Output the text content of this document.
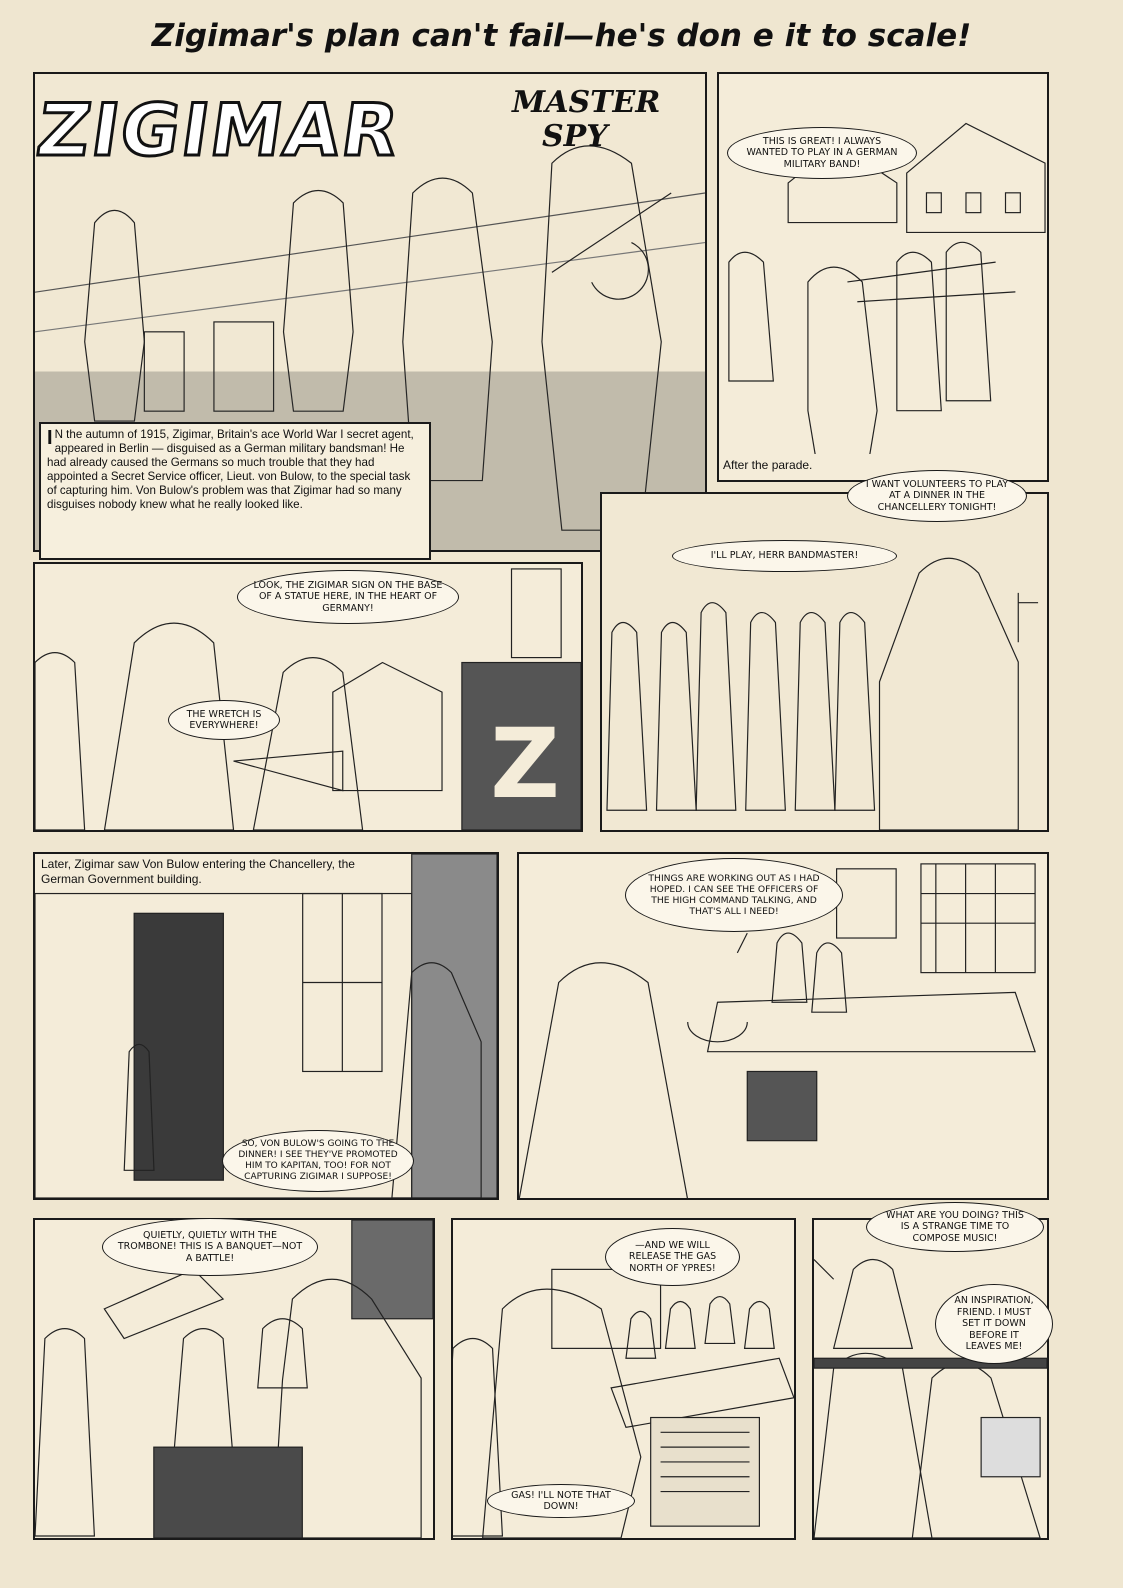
Zigimar's plan can't fail—he's don e it to scale!
ZIGIMAR	MASTER
SPY
I N the autumn of 1915, Zigimar, Britain's ace World War I secret agent, appeared in Berlin — disguised as a German military bandsman! He had already caused the Germans so much trouble that they had appointed a Secret Service officer, Lieut. von Bulow, to the special task of capturing him. Von Bulow's problem was that Zigimar had so many disguises nobody knew what he really looked like.
After the parade.
THIS IS GREAT! I ALWAYS WANTED TO PLAY IN A GERMAN MILITARY BAND!
I WANT VOLUNTEERS TO PLAY AT A DINNER IN THE CHANCELLERY TONIGHT!
I'LL PLAY, HERR BANDMASTER!
Z
LOOK, THE ZIGIMAR SIGN ON THE BASE OF A STATUE HERE, IN THE HEART OF GERMANY!
THE WRETCH IS EVERYWHERE!
Later, Zigimar saw Von Bulow entering the Chancellery, the German Government building.
SO, VON BULOW'S GOING TO THE DINNER! I SEE THEY'VE PROMOTED HIM TO KAPITAN, TOO! FOR NOT CAPTURING ZIGIMAR I SUPPOSE!
THINGS ARE WORKING OUT AS I HAD HOPED. I CAN SEE THE OFFICERS OF THE HIGH COMMAND TALKING, AND THAT'S ALL I NEED!
QUIETLY, QUIETLY WITH THE TROMBONE! THIS IS A BANQUET—NOT A BATTLE!
—AND WE WILL RELEASE THE GAS NORTH OF YPRES!
GAS! I'LL NOTE THAT DOWN!
WHAT ARE YOU DOING? THIS IS A STRANGE TIME TO COMPOSE MUSIC!
AN INSPIRATION, FRIEND. I MUST SET IT DOWN BEFORE IT LEAVES ME!
